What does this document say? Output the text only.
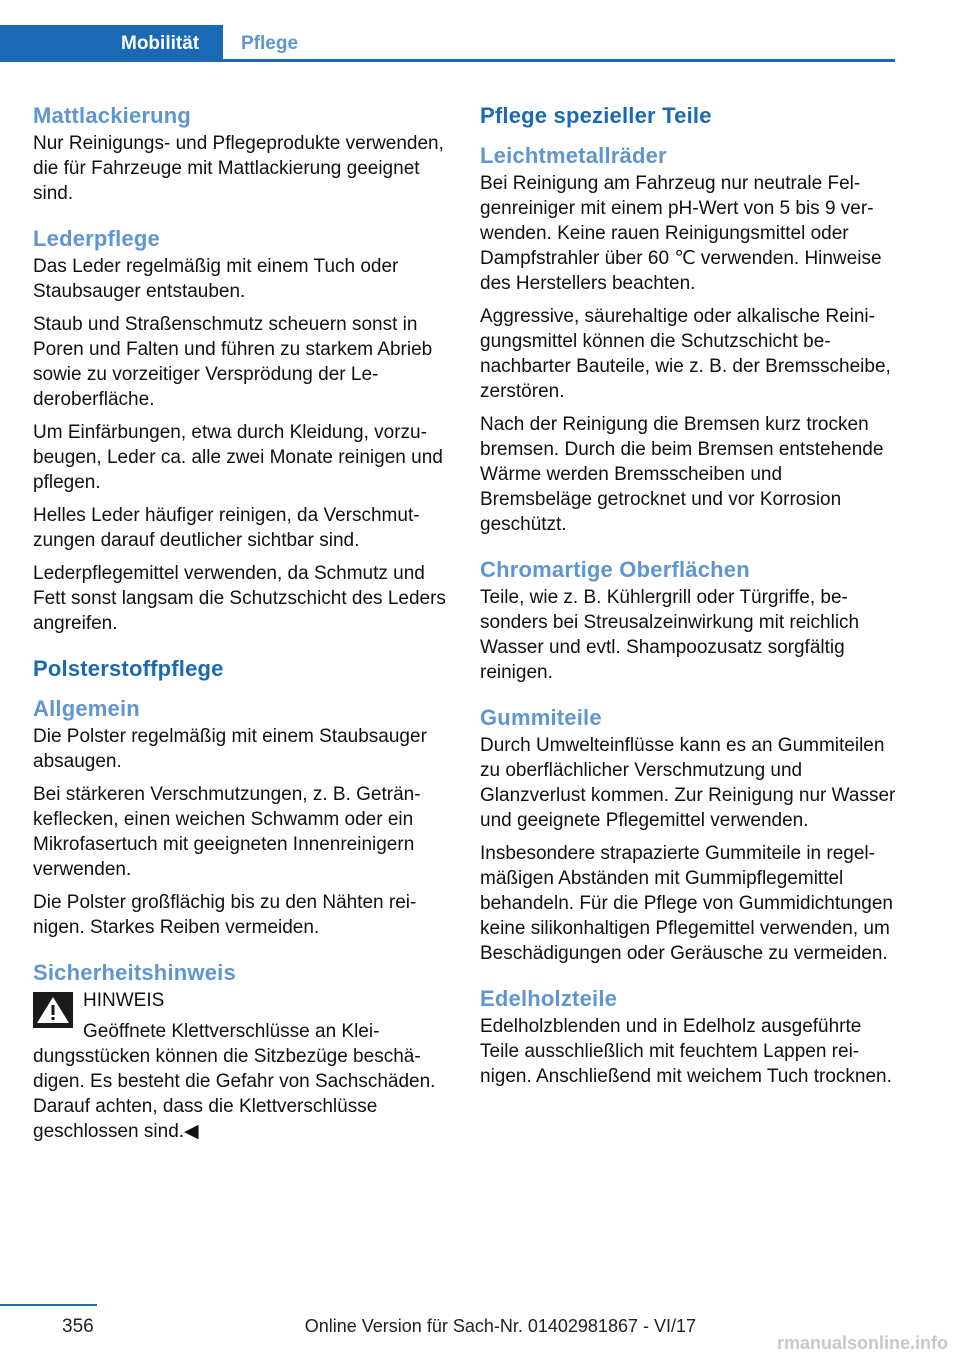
Mobilität	Pflege
Mattlackierung

Nur Reinigungs- und Pflegeprodukte verwenden, die für Fahrzeuge mit Mattlackierung geeignet sind.

Lederpflege

Das Leder regelmäßig mit einem Tuch oder Staubsauger entstauben.

Staub und Straßenschmutz scheuern sonst in Poren und Falten und führen zu starkem Abrieb sowie zu vorzeitiger Versprödung der Lederoberfläche.

Um Einfärbungen, etwa durch Kleidung, vorzubeugen, Leder ca. alle zwei Monate reinigen und pflegen.

Helles Leder häufiger reinigen, da Verschmutzungen darauf deutlicher sichtbar sind.

Lederpflegemittel verwenden, da Schmutz und Fett sonst langsam die Schutzschicht des Leders angreifen.

Polsterstoffpflege
Allgemein

Die Polster regelmäßig mit einem Staubsauger absaugen.

Bei stärkeren Verschmutzungen, z. B. Getränkeflecken, einen weichen Schwamm oder ein Mikrofasertuch mit geeigneten Innenreinigern verwenden.

Die Polster großflächig bis zu den Nähten reinigen. Starkes Reiben vermeiden.

Sicherheitshinweis
HINWEIS

Geöffnete Klettverschlüsse an Kleidungsstücken können die Sitzbezüge beschädigen. Es besteht die Gefahr von Sachschäden. Darauf achten, dass die Klettverschlüsse geschlossen sind.◀

Pflege spezieller Teile
Leichtmetallräder

Bei Reinigung am Fahrzeug nur neutrale Felgenreiniger mit einem pH-Wert von 5 bis 9 verwenden. Keine rauen Reinigungsmittel oder Dampfstrahler über 60 ℃ verwenden. Hinweise des Herstellers beachten.

Aggressive, säurehaltige oder alkalische Reinigungsmittel können die Schutzschicht benachbarter Bauteile, wie z. B. der Bremsscheibe, zerstören.

Nach der Reinigung die Bremsen kurz trocken bremsen. Durch die beim Bremsen entstehende Wärme werden Bremsscheiben und Bremsbeläge getrocknet und vor Korrosion geschützt.

Chromartige Oberflächen

Teile, wie z. B. Kühlergrill oder Türgriffe, besonders bei Streusalzeinwirkung mit reichlich Wasser und evtl. Shampoozusatz sorgfältig reinigen.

Gummiteile

Durch Umwelteinflüsse kann es an Gummiteilen zu oberflächlicher Verschmutzung und Glanzverlust kommen. Zur Reinigung nur Wasser und geeignete Pflegemittel verwenden.

Insbesondere strapazierte Gummiteile in regelmäßigen Abständen mit Gummipflegemittel behandeln. Für die Pflege von Gummidichtungen keine silikonhaltigen Pflegemittel verwenden, um Beschädigungen oder Geräusche zu vermeiden.

Edelholzteile

Edelholzblenden und in Edelholz ausgeführte Teile ausschließlich mit feuchtem Lappen reinigen. Anschließend mit weichem Tuch trocknen.

356	Online Version für Sach-Nr. 01402981867 - VI/17
rmanualsonline.info
